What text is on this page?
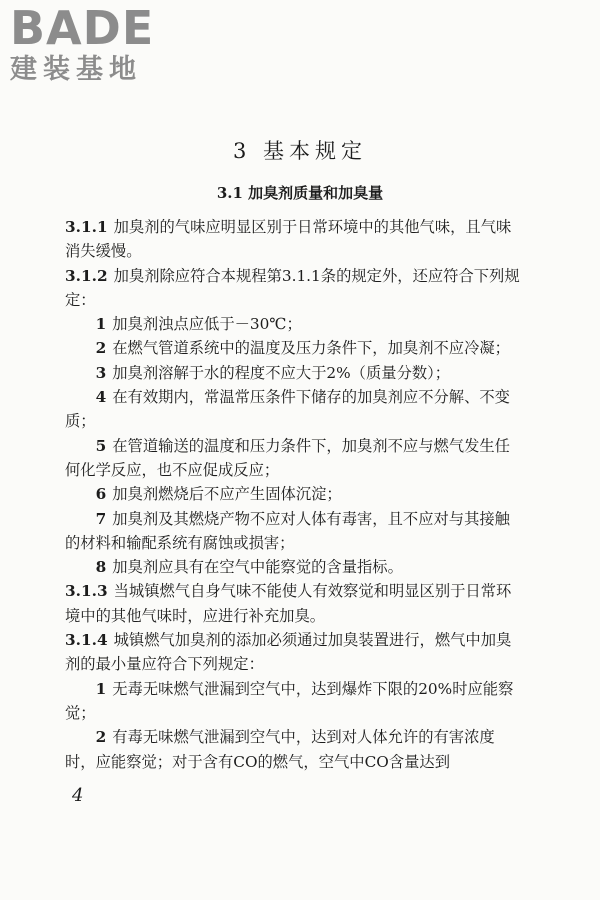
BADE
建装基地
3 基本规定
3.1 加臭剂质量和加臭量
3.1.1 加臭剂的气味应明显区别于日常环境中的其他气味，且气味消失缓慢。
3.1.2 加臭剂除应符合本规程第3.1.1条的规定外，还应符合下列规定：
1 加臭剂浊点应低于－30℃；
2 在燃气管道系统中的温度及压力条件下，加臭剂不应冷凝；
3 加臭剂溶解于水的程度不应大于2%（质量分数）；
4 在有效期内，常温常压条件下储存的加臭剂应不分解、不变质；
5 在管道输送的温度和压力条件下，加臭剂不应与燃气发生任何化学反应，也不应促成反应；
6 加臭剂燃烧后不应产生固体沉淀；
7 加臭剂及其燃烧产物不应对人体有毒害，且不应对与其接触的材料和输配系统有腐蚀或损害；
8 加臭剂应具有在空气中能察觉的含量指标。
3.1.3 当城镇燃气自身气味不能使人有效察觉和明显区别于日常环境中的其他气味时，应进行补充加臭。
3.1.4 城镇燃气加臭剂的添加必须通过加臭装置进行，燃气中加臭剂的最小量应符合下列规定：
1 无毒无味燃气泄漏到空气中，达到爆炸下限的20%时应能察觉；
2 有毒无味燃气泄漏到空气中，达到对人体允许的有害浓度时，应能察觉；对于含有CO的燃气，空气中CO含量达到
4
